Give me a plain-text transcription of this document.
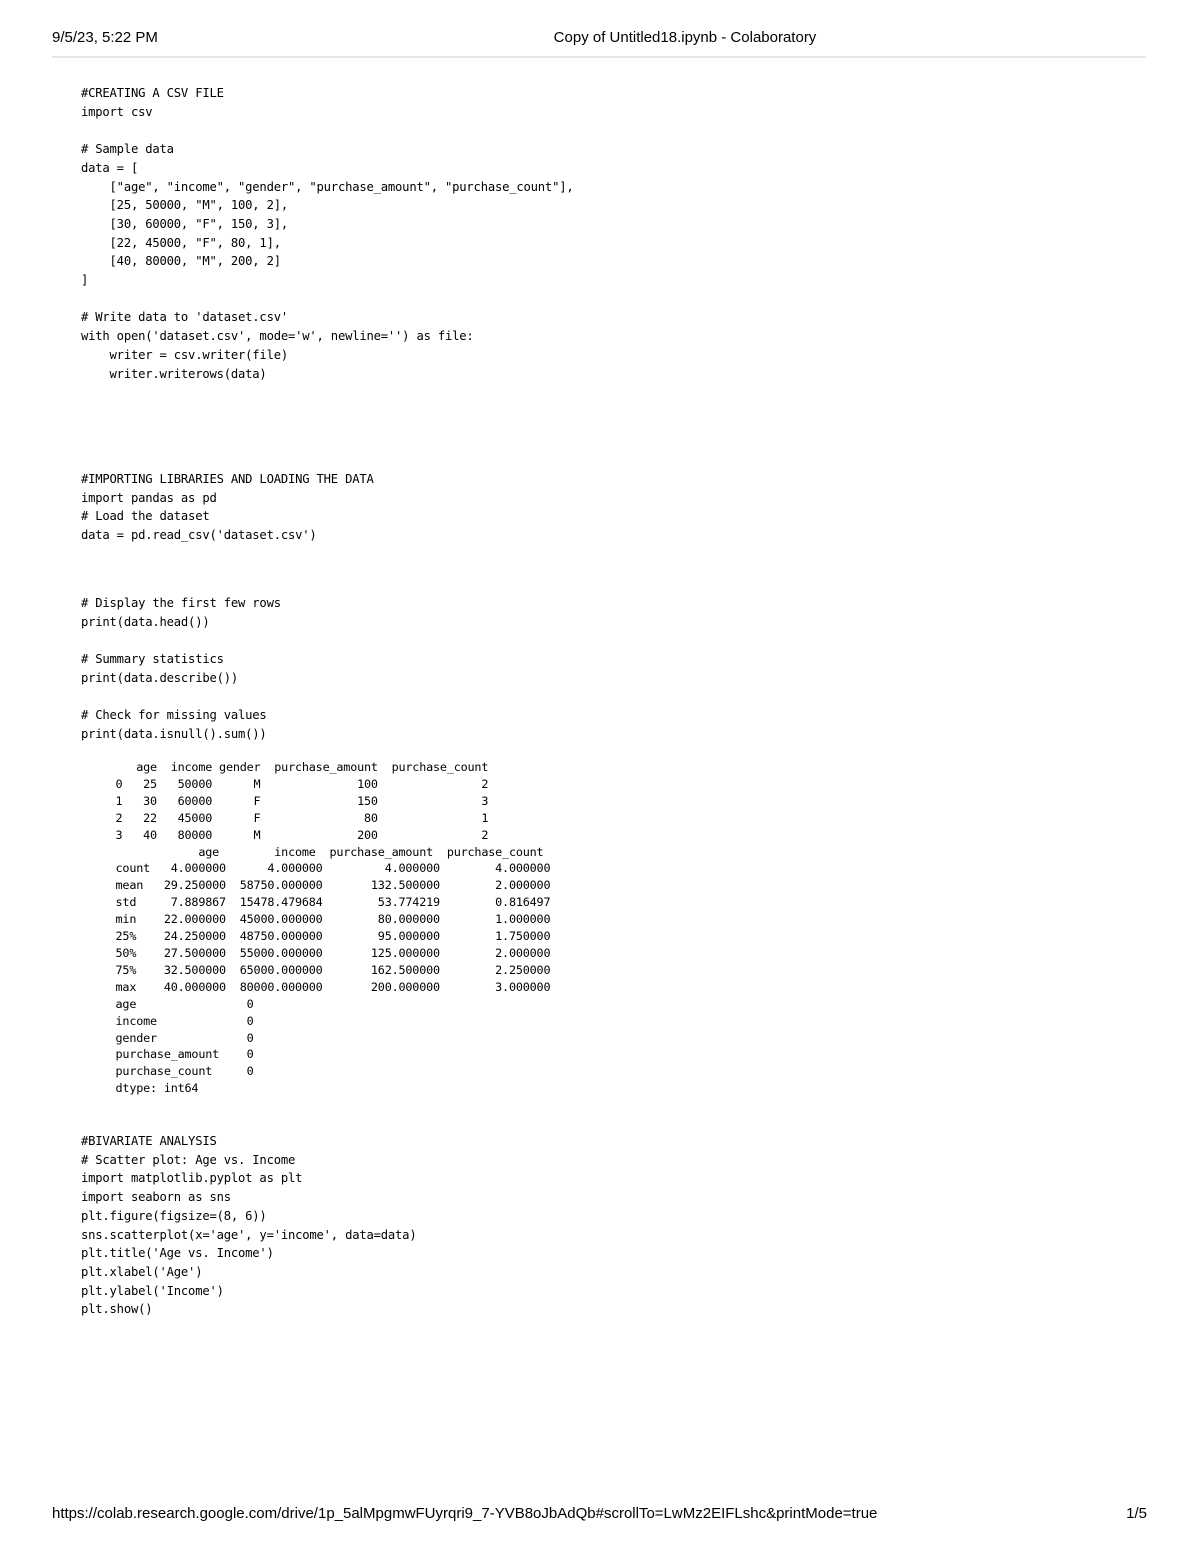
9/5/23, 5:22 PM	Copy of Untitled18.ipynb - Colaboratory
#CREATING A CSV FILE
import csv

# Sample data
data = [
["age", "income", "gender", "purchase_amount", "purchase_count"],
[25, 50000, "M", 100, 2],
[30, 60000, "F", 150, 3],
[22, 45000, "F", 80, 1],
[40, 80000, "M", 200, 2]
]

# Write data to 'dataset.csv'
with open('dataset.csv', mode='w', newline='') as file:
writer = csv.writer(file)
writer.writerows(data)
#IMPORTING LIBRARIES AND LOADING THE DATA
import pandas as pd
# Load the dataset
data = pd.read_csv('dataset.csv')
# Display the first few rows
print(data.head())

# Summary statistics
print(data.describe())

# Check for missing values
print(data.isnull().sum())
age  income gender  purchase_amount  purchase_count
0   25   50000      M              100               2
1   30   60000      F              150               3
2   22   45000      F               80               1
3   40   80000      M              200               2
age        income  purchase_amount  purchase_count
count   4.000000      4.000000         4.000000        4.000000
mean   29.250000  58750.000000       132.500000        2.000000
std     7.889867  15478.479684        53.774219        0.816497
min    22.000000  45000.000000        80.000000        1.000000
25%    24.250000  48750.000000        95.000000        1.750000
50%    27.500000  55000.000000       125.000000        2.000000
75%    32.500000  65000.000000       162.500000        2.250000
max    40.000000  80000.000000       200.000000        3.000000
age                0
income             0
gender             0
purchase_amount    0
purchase_count     0
dtype: int64
#BIVARIATE ANALYSIS
# Scatter plot: Age vs. Income
import matplotlib.pyplot as plt
import seaborn as sns
plt.figure(figsize=(8, 6))
sns.scatterplot(x='age', y='income', data=data)
plt.title('Age vs. Income')
plt.xlabel('Age')
plt.ylabel('Income')
plt.show()
https://colab.research.google.com/drive/1p_5alMpgmwFUyrqri9_7-YVB8oJbAdQb#scrollTo=LwMz2EIFLshc&printMode=true	1/5
